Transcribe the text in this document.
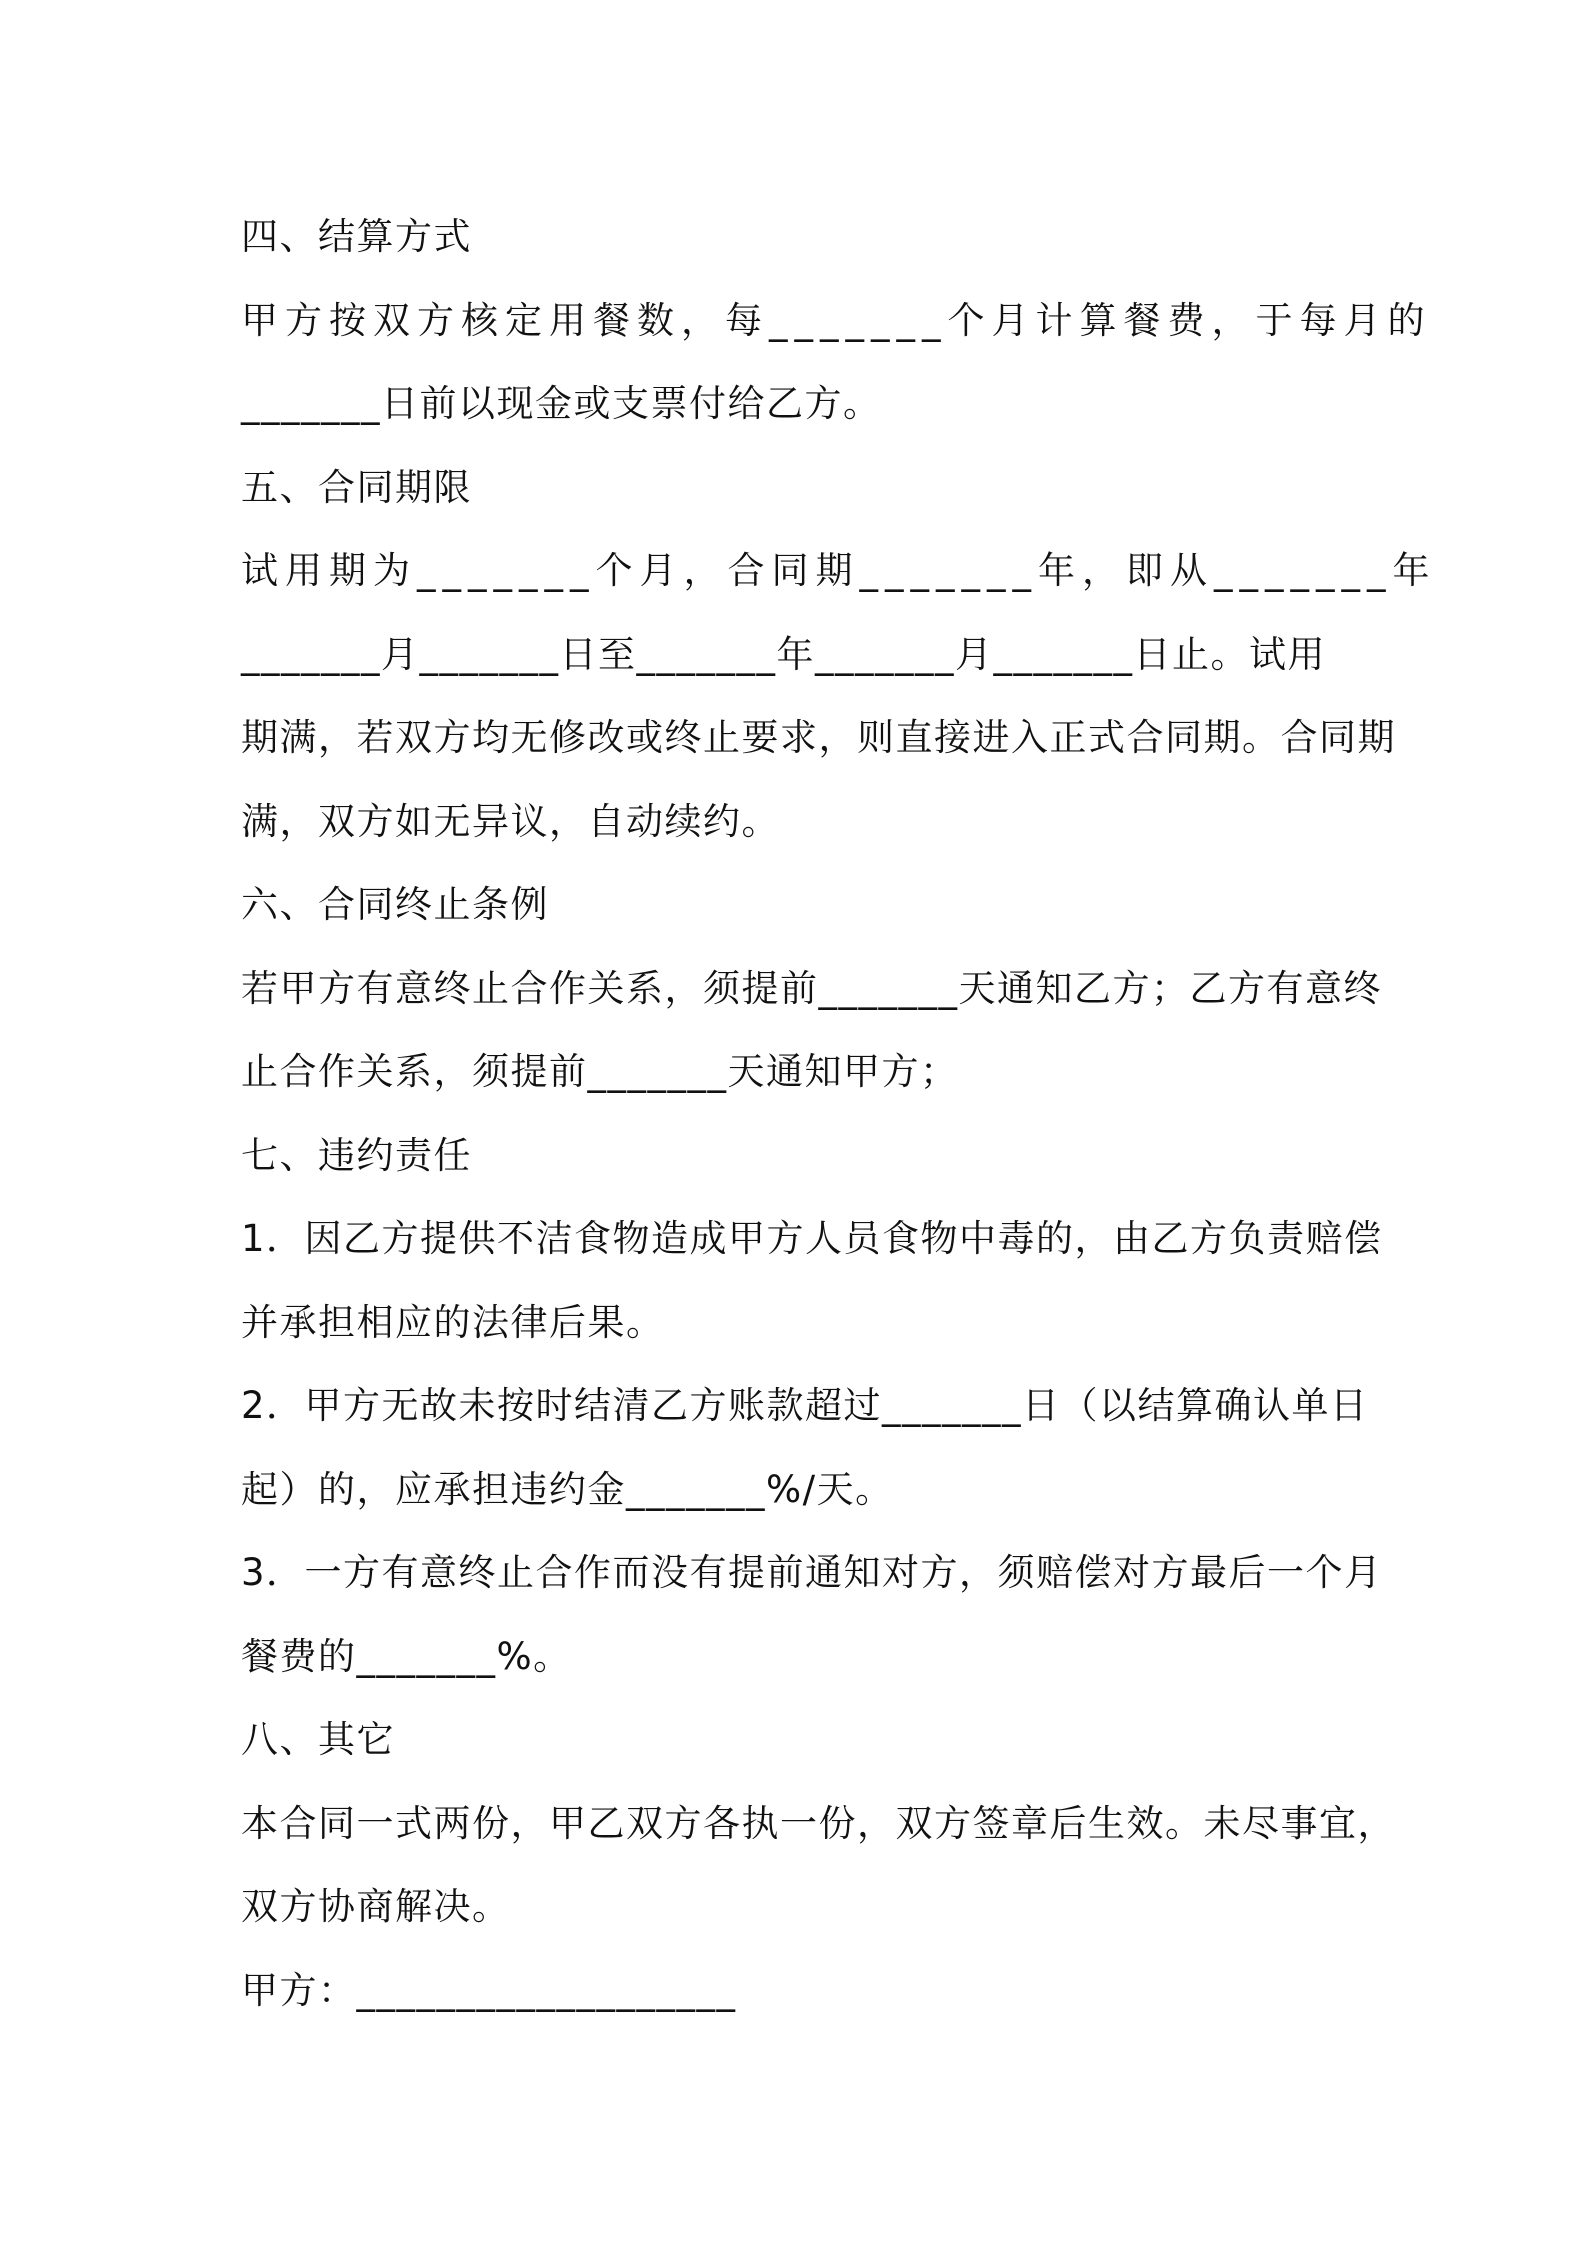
四、结算方式
甲方按双方核定用餐数，每_______个月计算餐费，于每月的
_______日前以现金或支票付给乙方。
五、合同期限
试用期为_______个月，合同期_______年，即从_______年
_______月_______日至_______年_______月_______日止。试用
期满，若双方均无修改或终止要求，则直接进入正式合同期。合同期
满，双方如无异议，自动续约。
六、合同终止条例
若甲方有意终止合作关系，须提前_______天通知乙方；乙方有意终
止合作关系，须提前_______天通知甲方；
七、违约责任
1．因乙方提供不洁食物造成甲方人员食物中毒的，由乙方负责赔偿
并承担相应的法律后果。
2．甲方无故未按时结清乙方账款超过_______日（以结算确认单日
起）的，应承担违约金_______%/天。
3．一方有意终止合作而没有提前通知对方，须赔偿对方最后一个月
餐费的_______%。
八、其它
本合同一式两份，甲乙双方各执一份，双方签章后生效。未尽事宜，
双方协商解决。
甲方：___________________
